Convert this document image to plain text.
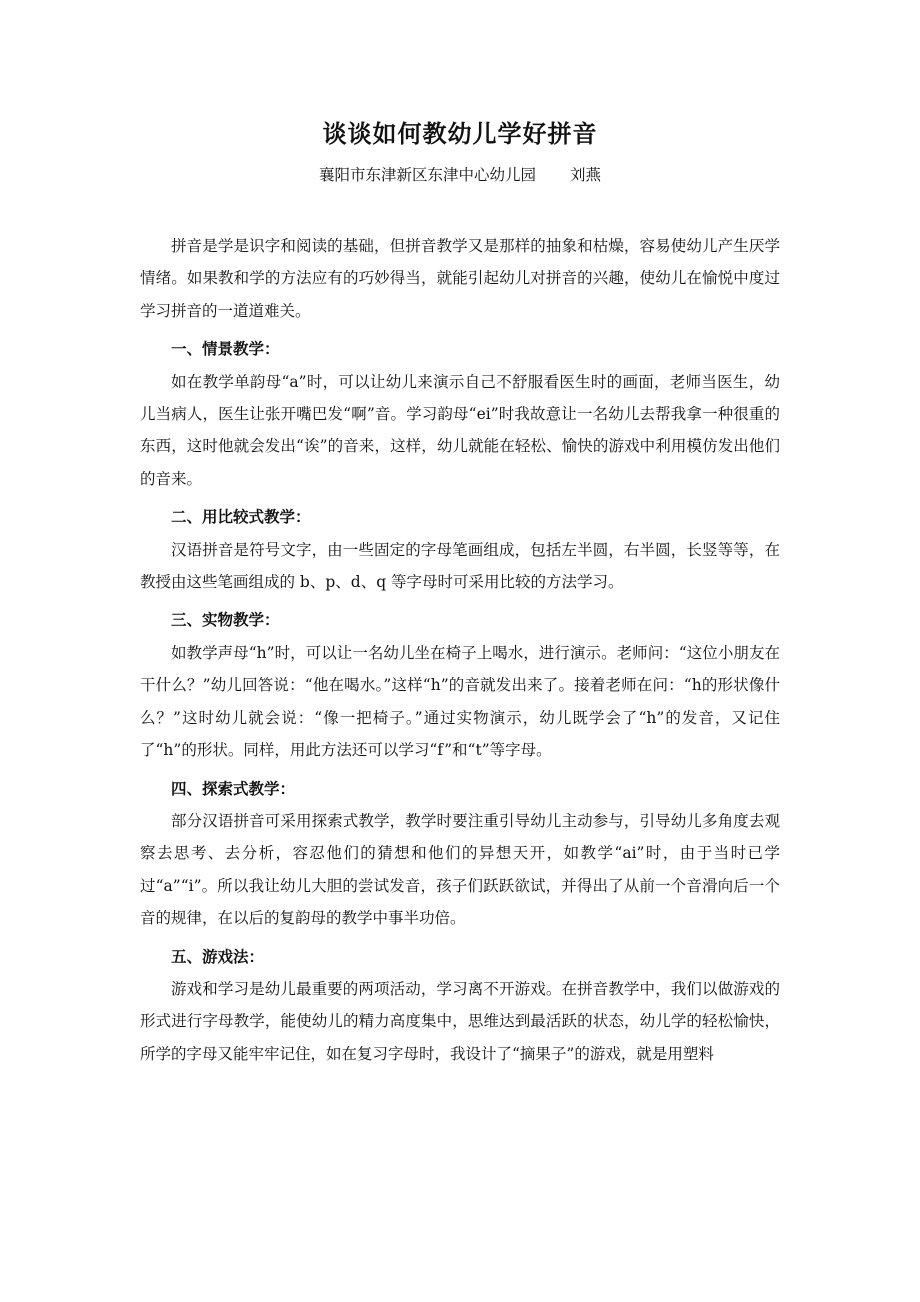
谈谈如何教幼儿学好拼音
襄阳市东津新区东津中心幼儿园 刘燕

拼音是学是识字和阅读的基础，但拼音教学又是那样的抽象和枯燥，容易使幼儿产生厌学情绪。如果教和学的方法应有的巧妙得当，就能引起幼儿对拼音的兴趣，使幼儿在愉悦中度过学习拼音的一道道难关。

一、情景教学：

如在教学单韵母“a”时，可以让幼儿来演示自己不舒服看医生时的画面，老师当医生，幼儿当病人，医生让张开嘴巴发“啊”音。学习韵母“ei”时我故意让一名幼儿去帮我拿一种很重的东西，这时他就会发出“诶”的音来，这样，幼儿就能在轻松、愉快的游戏中利用模仿发出他们的音来。

二、用比较式教学：

汉语拼音是符号文字，由一些固定的字母笔画组成，包括左半圆，右半圆，长竖等等，在教授由这些笔画组成的 b、p、d、q 等字母时可采用比较的方法学习。

三、实物教学：

如教学声母“h”时，可以让一名幼儿坐在椅子上喝水，进行演示。老师问：“这位小朋友在干什么？”幼儿回答说：“他在喝水。”这样“h”的音就发出来了。接着老师在问：“h的形状像什么？”这时幼儿就会说：“像一把椅子。”通过实物演示，幼儿既学会了“h”的发音，又记住了“h”的形状。同样，用此方法还可以学习“f”和“t”等字母。

四、探索式教学：

部分汉语拼音可采用探索式教学，教学时要注重引导幼儿主动参与，引导幼儿多角度去观察去思考、去分析，容忍他们的猜想和他们的异想天开，如教学“ai”时，由于当时已学过“a”“i”。所以我让幼儿大胆的尝试发音，孩子们跃跃欲试，并得出了从前一个音滑向后一个音的规律，在以后的复韵母的教学中事半功倍。

五、游戏法：

游戏和学习是幼儿最重要的两项活动，学习离不开游戏。在拼音教学中，我们以做游戏的形式进行字母教学，能使幼儿的精力高度集中，思维达到最活跃的状态，幼儿学的轻松愉快，所学的字母又能牢牢记住，如在复习字母时，我设计了“摘果子”的游戏，就是用塑料
